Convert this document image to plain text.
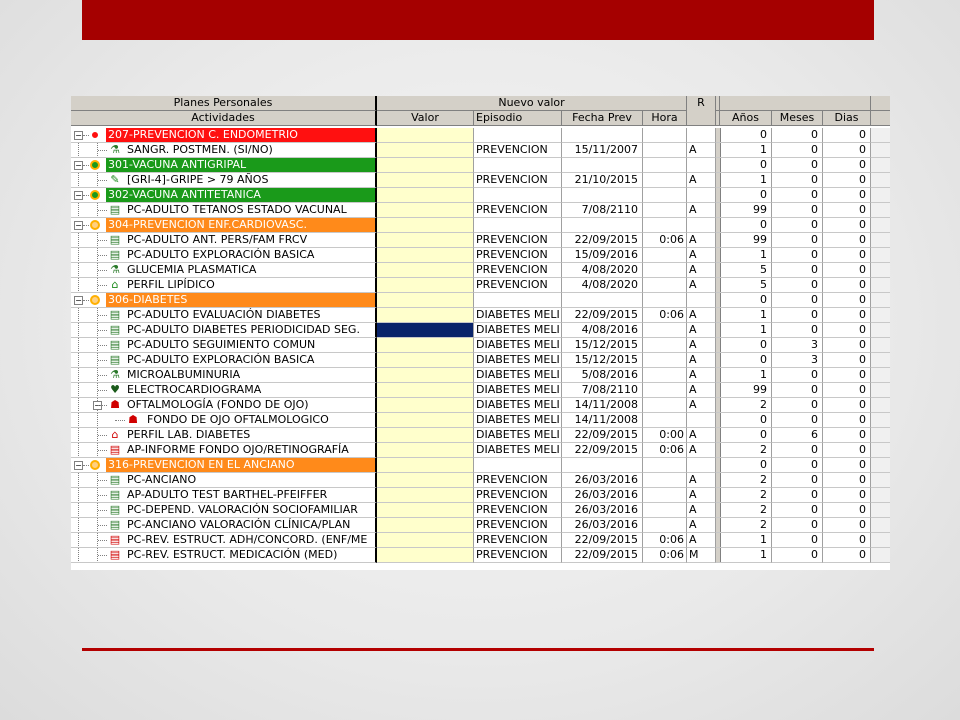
Planes Personales	Nuevo valor	R
Actividades	Valor	Episodio	Fecha Prev	Hora	Años	Meses	Dias
− 207-PREVENCION C. ENDOMETRIO	0	0	0
⚗ SANGR. POSTMEN. (SI/NO)	PREVENCION	15/11/2007	A	1	0	0
− 301-VACUNA ANTIGRIPAL	0	0	0
✎ [GRI-4]-GRIPE > 79 AÑOS	PREVENCION	21/10/2015	A	1	0	0
− 302-VACUNA ANTITETANICA	0	0	0
▤ PC-ADULTO TETANOS ESTADO VACUNAL	PREVENCION	7/08/2110	A	99	0	0
− 304-PREVENCION ENF.CARDIOVASC.	0	0	0
▤ PC-ADULTO ANT. PERS/FAM FRCV	PREVENCION	22/09/2015	0:06 A	99	0	0
▤ PC-ADULTO EXPLORACIÓN BASICA	PREVENCION	15/09/2016	A	1	0	0
⚗ GLUCEMIA PLASMATICA	PREVENCION	4/08/2020	A	5	0	0
⌂ PERFIL LIPÍDICO	PREVENCION	4/08/2020	A	5	0	0
− 306-DIABETES	0	0	0
▤ PC-ADULTO EVALUACIÓN DIABETES	DIABETES MELI	22/09/2015	0:06 A	1	0	0
▤ PC-ADULTO DIABETES PERIODICIDAD SEG.	DIABETES MELI	4/08/2016	A	1	0	0
▤ PC-ADULTO SEGUIMIENTO COMUN	DIABETES MELI	15/12/2015	A	0	3	0
▤ PC-ADULTO EXPLORACIÓN BASICA	DIABETES MELI	15/12/2015	A	0	3	0
⚗ MICROALBUMINURIA	DIABETES MELI	5/08/2016	A	1	0	0
♥ ELECTROCARDIOGRAMA	DIABETES MELI	7/08/2110	A	99	0	0
− ☗ OFTALMOLOGÍA (FONDO DE OJO)	DIABETES MELI	14/11/2008	A	2	0	0
☗ FONDO DE OJO OFTALMOLOGICO	DIABETES MELI	14/11/2008	0	0	0
⌂ PERFIL LAB. DIABETES	DIABETES MELI	22/09/2015	0:00 A	0	6	0
▤ AP-INFORME FONDO OJO/RETINOGRAFÍA	DIABETES MELI	22/09/2015	0:06 A	2	0	0
− 316-PREVENCION EN EL ANCIANO	0	0	0
▤ PC-ANCIANO	PREVENCION	26/03/2016	A	2	0	0
▤ AP-ADULTO TEST BARTHEL-PFEIFFER	PREVENCION	26/03/2016	A	2	0	0
▤ PC-DEPEND. VALORACIÓN SOCIOFAMILIAR	PREVENCION	26/03/2016	A	2	0	0
▤ PC-ANCIANO VALORACIÓN CLÍNICA/PLAN	PREVENCION	26/03/2016	A	2	0	0
▤ PC-REV. ESTRUCT. ADH/CONCORD. (ENF/ME	PREVENCION	22/09/2015	0:06 A	1	0	0
▤ PC-REV. ESTRUCT. MEDICACIÓN (MED)	PREVENCION	22/09/2015	0:06 M	1	0	0
